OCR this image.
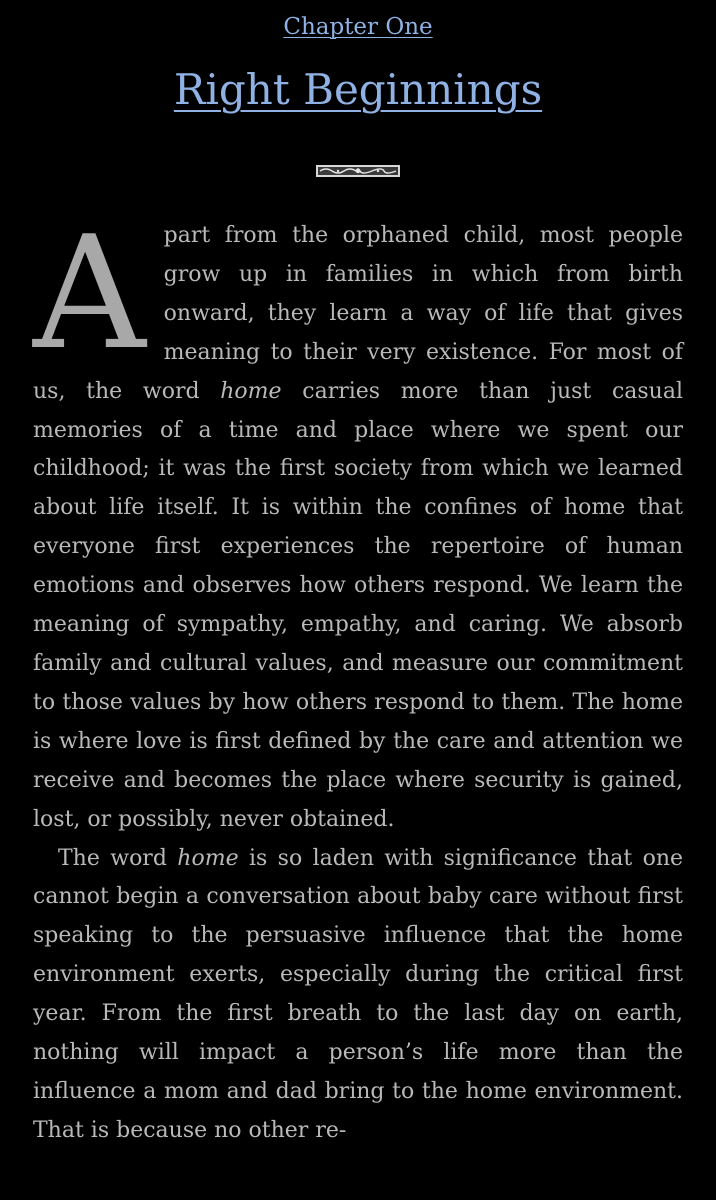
Chapter One
Right Beginnings

Apart from the orphaned child, most people grow up in families in which from birth onward, they learn a way of life that gives meaning to their very existence. For most of us, the word home carries more than just casual memories of a time and place where we spent our childhood; it was the first society from which we learned about life itself. It is within the confines of home that everyone first experiences the repertoire of human emotions and observes how others respond. We learn the meaning of sympathy, empathy, and caring. We absorb family and cultural values, and measure our commitment to those values by how others respond to them. The home is where love is first defined by the care and attention we receive and becomes the place where security is gained, lost, or possibly, never obtained.

The word home is so laden with significance that one cannot begin a conversation about baby care without first speaking to the persuasive influence that the home environment exerts, especially during the critical first year. From the first breath to the last day on earth, nothing will impact a person’s life more than the influence a mom and dad bring to the home environment. That is because no other re-
